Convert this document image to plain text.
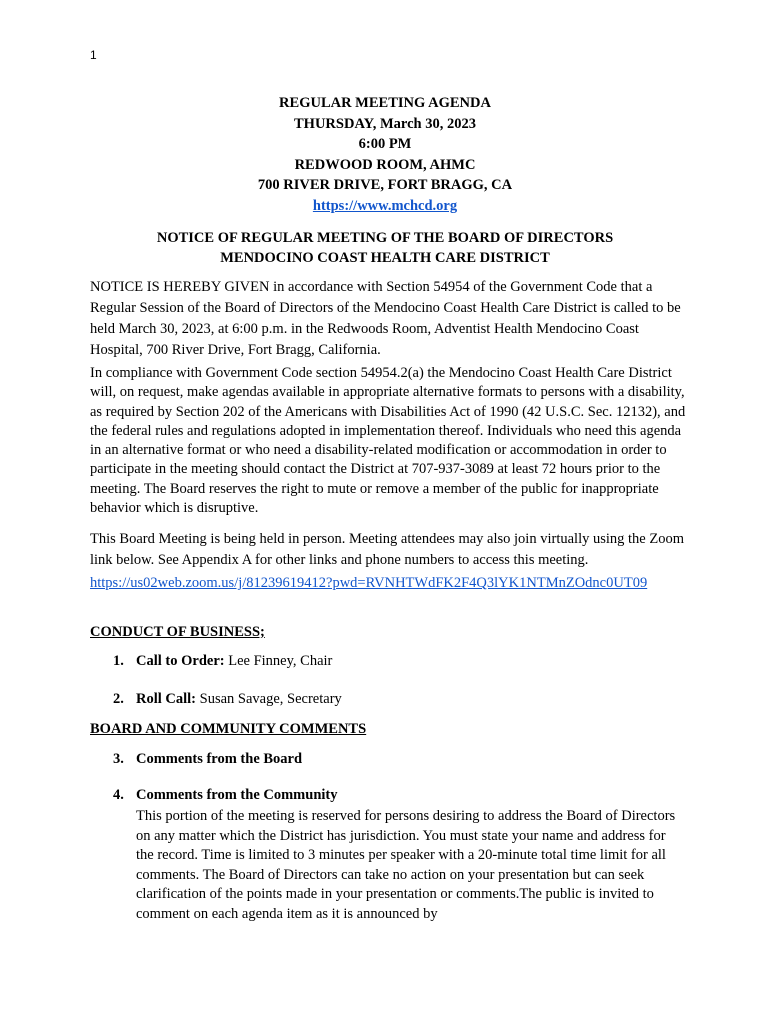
1
REGULAR MEETING AGENDA
THURSDAY, March 30, 2023
6:00 PM
REDWOOD ROOM, AHMC
700 RIVER DRIVE, FORT BRAGG, CA
https://www.mchcd.org
NOTICE OF REGULAR MEETING OF THE BOARD OF DIRECTORS
MENDOCINO COAST HEALTH CARE DISTRICT

NOTICE IS HEREBY GIVEN in accordance with Section 54954 of the Government Code that a Regular Session of the Board of Directors of the Mendocino Coast Health Care District is called to be held March 30, 2023, at 6:00 p.m. in the Redwoods Room, Adventist Health Mendocino Coast Hospital, 700 River Drive, Fort Bragg, California.

In compliance with Government Code section 54954.2(a) the Mendocino Coast Health Care District will, on request, make agendas available in appropriate alternative formats to persons with a disability, as required by Section 202 of the Americans with Disabilities Act of 1990 (42 U.S.C. Sec. 12132), and the federal rules and regulations adopted in implementation thereof. Individuals who need this agenda in an alternative format or who need a disability-related modification or accommodation in order to participate in the meeting should contact the District at 707-937-3089 at least 72 hours prior to the meeting. The Board reserves the right to mute or remove a member of the public for inappropriate behavior which is disruptive.

This Board Meeting is being held in person. Meeting attendees may also join virtually using the Zoom link below. See Appendix A for other links and phone numbers to access this meeting.

https://us02web.zoom.us/j/81239619412?pwd=RVNHTWdFK2F4Q3lYK1NTMnZOdnc0UT09
CONDUCT OF BUSINESS;
1. Call to Order: Lee Finney, Chair
2. Roll Call: Susan Savage, Secretary
BOARD AND COMMUNITY COMMENTS
3. Comments from the Board
4. Comments from the Community

This portion of the meeting is reserved for persons desiring to address the Board of Directors on any matter which the District has jurisdiction. You must state your name and address for the record. Time is limited to 3 minutes per speaker with a 20-minute total time limit for all comments. The Board of Directors can take no action on your presentation but can seek clarification of the points made in your presentation or comments.The public is invited to comment on each agenda item as it is announced by
